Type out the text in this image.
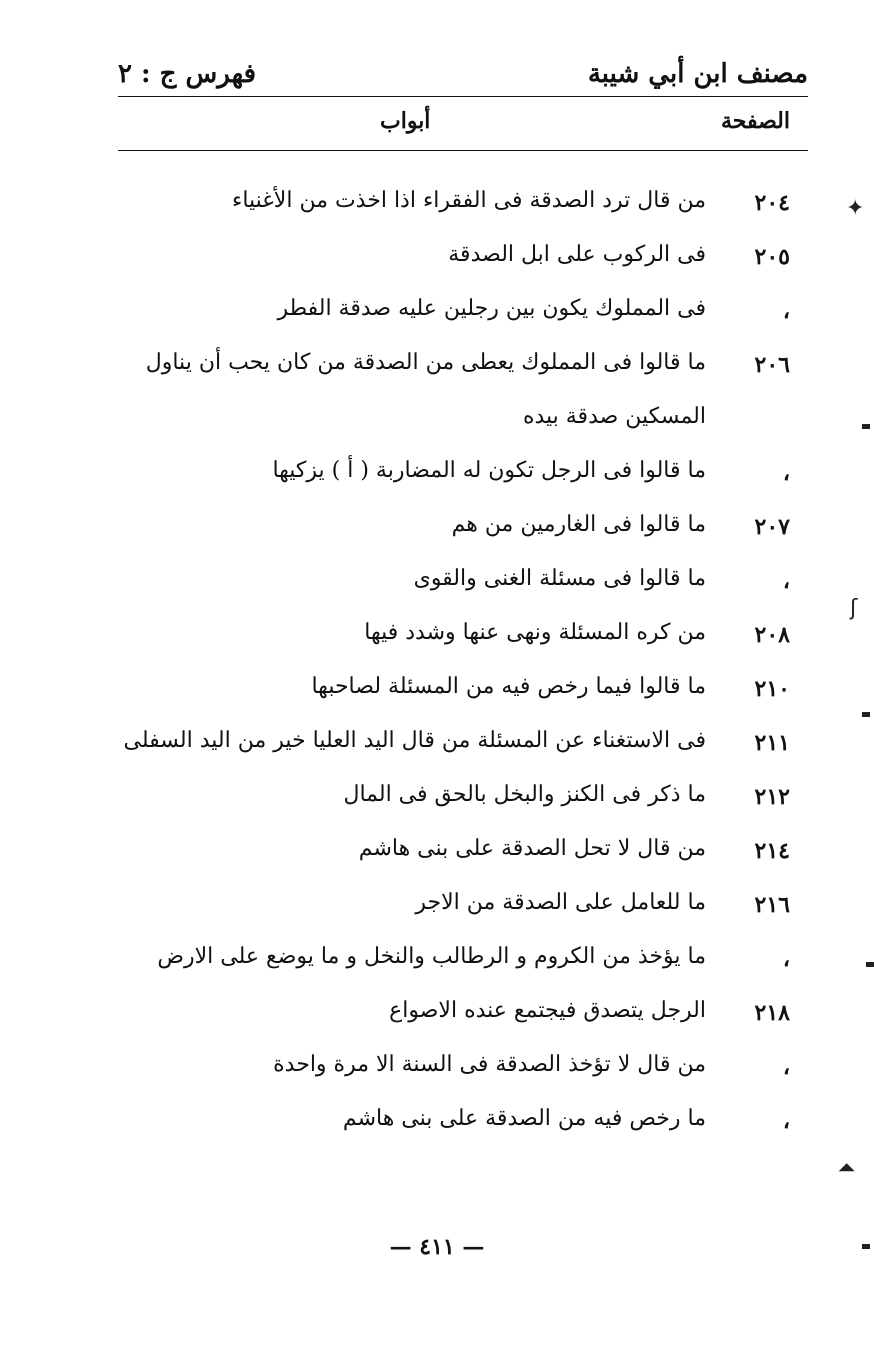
مصنف ابن أبي شيبة
فهرس ج : ٢
الصفحة
أبواب
٢٠٤
من قال ترد الصدقة فى الفقراء اذا اخذت من الأغنياء
٢٠٥
فى الركوب على ابل الصدقة
،
فى المملوك يكون بين رجلين عليه صدقة الفطر
٢٠٦
ما قالوا فى المملوك يعطى من الصدقة من كان يحب أن يناول
المسكين صدقة بيده
،
ما قالوا فى الرجل تكون له المضاربة ( أ ) يزكيها
٢٠٧
ما قالوا فى الغارمين من هم
،
ما قالوا فى مسئلة الغنى والقوى
٢٠٨
من كره المسئلة ونهى عنها وشدد فيها
٢١٠
ما قالوا فيما رخص فيه من المسئلة لصاحبها
٢١١
فى الاستغناء عن المسئلة من قال اليد العليا خير من اليد السفلى
٢١٢
ما ذكر فى الكنز والبخل بالحق فى المال
٢١٤
من قال لا تحل الصدقة على بنى هاشم
٢١٦
ما للعامل على الصدقة من الاجر
،
ما يؤخذ من الكروم و الرطالب والنخل و ما يوضع على الارض
٢١٨
الرجل يتصدق فيجتمع عنده الاصواع
،
من قال لا تؤخذ الصدقة فى السنة الا مرة واحدة
،
ما رخص فيه من الصدقة على بنى هاشم
— ٤١١ —
✦
ʃ
⏶
